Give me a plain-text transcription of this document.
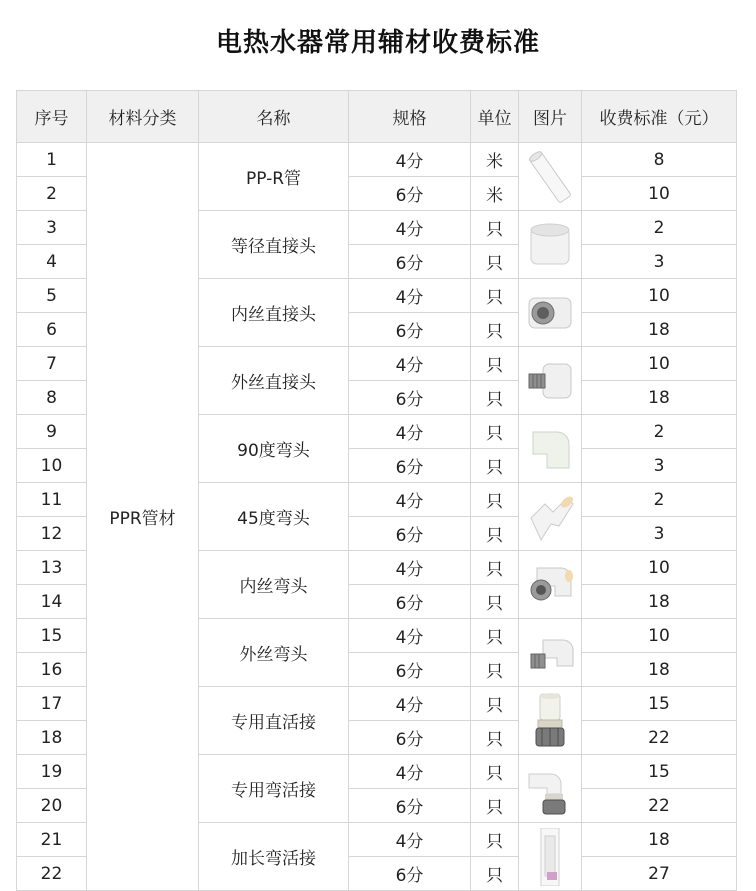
电热水器常用辅材收费标准
序号	材料分类	名称	规格	单位	图片	收费标准（元）
1	PPR管材	PP-R管	4分	米		8
2			6分	米		10
3		等径直接头	4分	只		2
4			6分	只		3
5		内丝直接头	4分	只		10
6			6分	只		18
7		外丝直接头	4分	只		10
8			6分	只		18
9		90度弯头	4分	只		2
10			6分	只		3
11		45度弯头	4分	只		2
12			6分	只		3
13		内丝弯头	4分	只		10
14			6分	只		18
15		外丝弯头	4分	只		10
16			6分	只		18
17		专用直活接	4分	只		15
18			6分	只		22
19		专用弯活接	4分	只		15
20			6分	只		22
21		加长弯活接	4分	只		18
22			6分	只		27
